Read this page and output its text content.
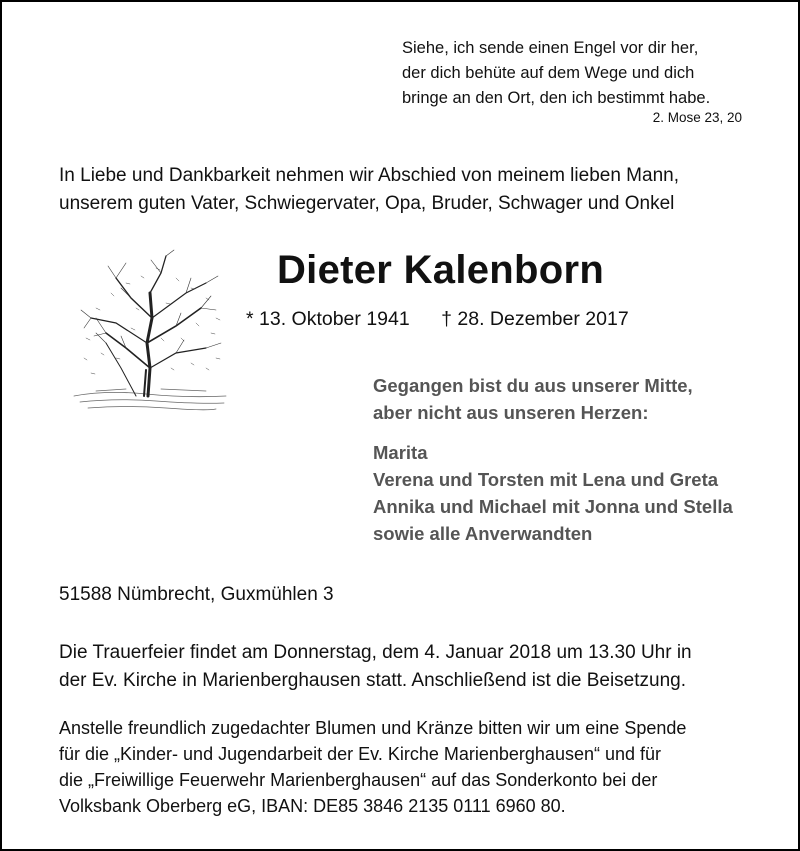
Siehe, ich sende einen Engel vor dir her,
der dich behüte auf dem Wege und dich
bringe an den Ort, den ich bestimmt habe.
2. Mose 23, 20
In Liebe und Dankbarkeit nehmen wir Abschied von meinem lieben Mann,
unserem guten Vater, Schwiegervater, Opa, Bruder, Schwager und Onkel
Dieter Kalenborn
* 13. Oktober 1941 † 28. Dezember 2017
Gegangen bist du aus unserer Mitte,
aber nicht aus unseren Herzen:
Marita
Verena und Torsten mit Lena und Greta
Annika und Michael mit Jonna und Stella
sowie alle Anverwandten
51588 Nümbrecht, Guxmühlen 3
Die Trauerfeier findet am Donnerstag, dem 4. Januar 2018 um 13.30 Uhr in
der Ev. Kirche in Marienberghausen statt. Anschließend ist die Beisetzung.
Anstelle freundlich zugedachter Blumen und Kränze bitten wir um eine Spende
für die „Kinder- und Jugendarbeit der Ev. Kirche Marienberghausen“ und für
die „Freiwillige Feuerwehr Marienberghausen“ auf das Sonderkonto bei der
Volksbank Oberberg eG, IBAN: DE85 3846 2135 0111 6960 80.
